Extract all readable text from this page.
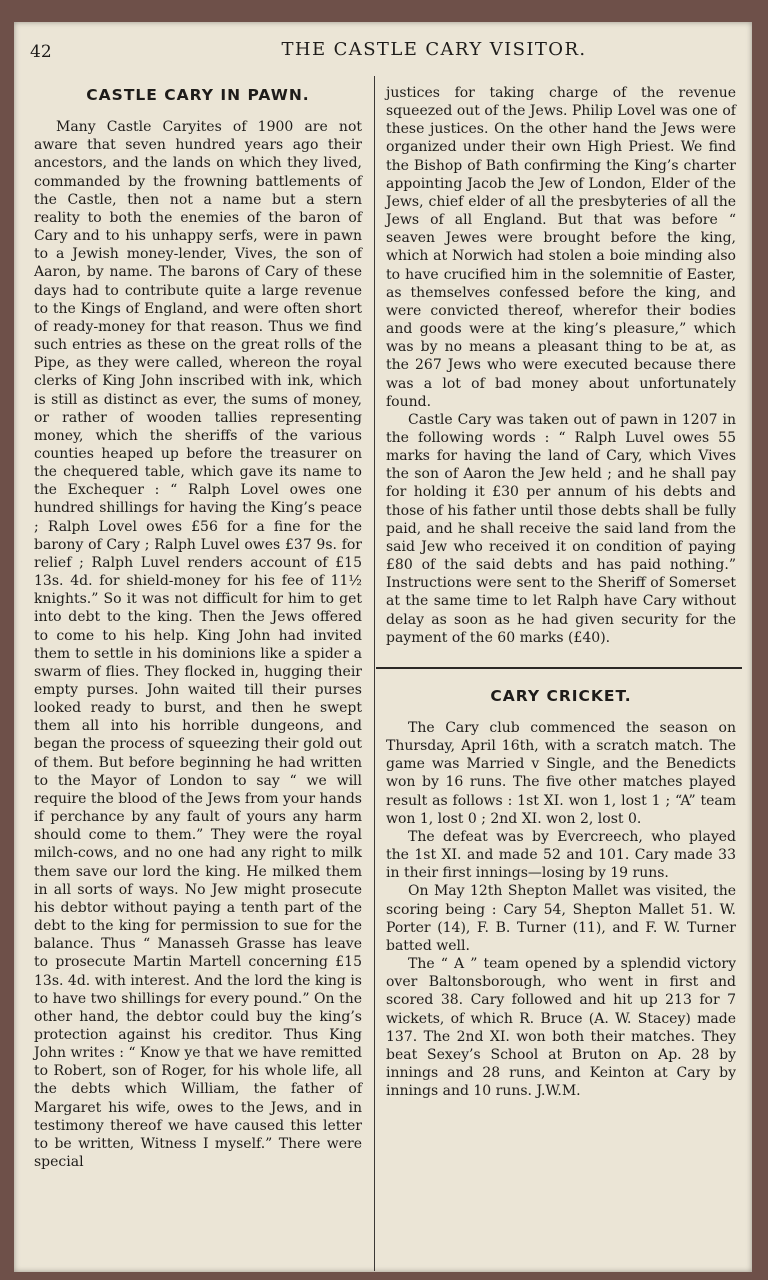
42	THE CASTLE CARY VISITOR.
CASTLE CARY IN PAWN.

Many Castle Caryites of 1900 are not aware that seven hundred years ago their ancestors, and the lands on which they lived, commanded by the frowning battlements of the Castle, then not a name but a stern reality to both the enemies of the baron of Cary and to his unhappy serfs, were in pawn to a Jewish money-lender, Vives, the son of Aaron, by name. The barons of Cary of these days had to contribute quite a large revenue to the Kings of England, and were often short of ready-money for that reason. Thus we find such entries as these on the great rolls of the Pipe, as they were called, whereon the royal clerks of King John inscribed with ink, which is still as distinct as ever, the sums of money, or rather of wooden tallies representing money, which the sheriffs of the various counties heaped up before the treasurer on the chequered table, which gave its name to the Exchequer : “ Ralph Lovel owes one hundred shillings for having the King’s peace ; Ralph Lovel owes £56 for a fine for the barony of Cary ; Ralph Luvel owes £37 9s. for relief ; Ralph Luvel renders account of £15 13s. 4d. for shield-money for his fee of 11½ knights.” So it was not difficult for him to get into debt to the king. Then the Jews offered to come to his help. King John had invited them to settle in his dominions like a spider a swarm of flies. They flocked in, hugging their empty purses. John waited till their purses looked ready to burst, and then he swept them all into his horrible dungeons, and began the process of squeezing their gold out of them. But before beginning he had written to the Mayor of London to say “ we will require the blood of the Jews from your hands if perchance by any fault of yours any harm should come to them.” They were the royal milch-cows, and no one had any right to milk them save our lord the king. He milked them in all sorts of ways. No Jew might prosecute his debtor without paying a tenth part of the debt to the king for permission to sue for the balance. Thus “ Manasseh Grasse has leave to prosecute Martin Martell concerning £15 13s. 4d. with interest. And the lord the king is to have two shillings for every pound.” On the other hand, the debtor could buy the king’s protection against his creditor. Thus King John writes : “ Know ye that we have remitted to Robert, son of Roger, for his whole life, all the debts which William, the father of Margaret his wife, owes to the Jews, and in testimony thereof we have caused this letter to be written, Witness I myself.” There were special

justices for taking charge of the revenue squeezed out of the Jews. Philip Lovel was one of these justices. On the other hand the Jews were organized under their own High Priest. We find the Bishop of Bath confirming the King’s charter appointing Jacob the Jew of London, Elder of the Jews, chief elder of all the presbyteries of all the Jews of all England. But that was before “ seaven Jewes were brought before the king, which at Norwich had stolen a boie minding also to have crucified him in the solemnitie of Easter, as themselves confessed before the king, and were convicted thereof, wherefor their bodies and goods were at the king’s pleasure,” which was by no means a pleasant thing to be at, as the 267 Jews who were executed because there was a lot of bad money about unfortunately found.

Castle Cary was taken out of pawn in 1207 in the following words : “ Ralph Luvel owes 55 marks for having the land of Cary, which Vives the son of Aaron the Jew held ; and he shall pay for holding it £30 per annum of his debts and those of his father until those debts shall be fully paid, and he shall receive the said land from the said Jew who received it on condition of paying £80 of the said debts and has paid nothing.” Instructions were sent to the Sheriff of Somerset at the same time to let Ralph have Cary without delay as soon as he had given security for the payment of the 60 marks (£40).

CARY CRICKET.

The Cary club commenced the season on Thursday, April 16th, with a scratch match. The game was Married v Single, and the Benedicts won by 16 runs. The five other matches played result as follows : 1st XI. won 1, lost 1 ; “A” team won 1, lost 0 ; 2nd XI. won 2, lost 0.

The defeat was by Evercreech, who played the 1st XI. and made 52 and 101. Cary made 33 in their first innings—losing by 19 runs.

On May 12th Shepton Mallet was visited, the scoring being : Cary 54, Shepton Mallet 51. W. Porter (14), F. B. Turner (11), and F. W. Turner batted well.

The “ A ” team opened by a splendid victory over Baltonsborough, who went in first and scored 38. Cary followed and hit up 213 for 7 wickets, of which R. Bruce (A. W. Stacey) made 137. The 2nd XI. won both their matches. They beat Sexey’s School at Bruton on Ap. 28 by innings and 28 runs, and Keinton at Cary by innings and 10 runs. J.W.M.
